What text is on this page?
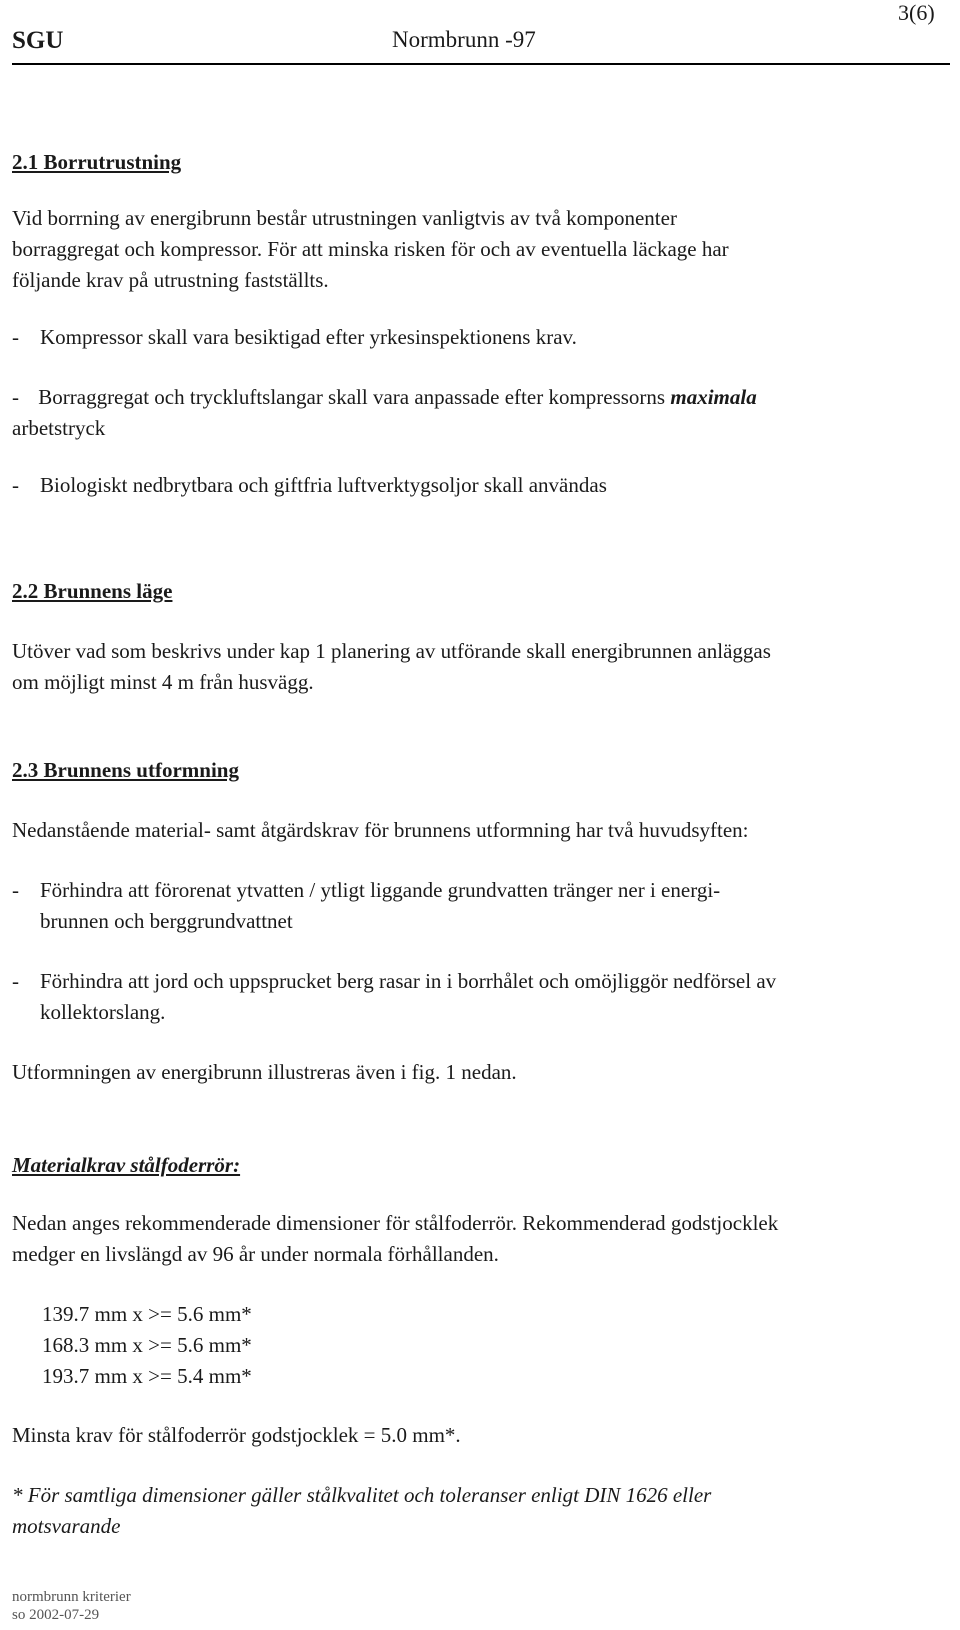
3(6)
SGU	Normbrunn -97
2.1 Borrutrustning
Vid borrning av energibrunn består utrustningen vanligtvis av två komponenter
borraggregat och kompressor. För att minska risken för och av eventuella läckage har
följande krav på utrustning fastställts.
- Kompressor skall vara besiktigad efter yrkesinspektionens krav.
- Borraggregat och tryckluftslangar skall vara anpassade efter kompressorns maximala
arbetstryck
- Biologiskt nedbrytbara och giftfria luftverktygsoljor skall användas
2.2 Brunnens läge
Utöver vad som beskrivs under kap 1 planering av utförande skall energibrunnen anläggas
om möjligt minst 4 m från husvägg.
2.3 Brunnens utformning
Nedanstående material- samt åtgärdskrav för brunnens utformning har två huvudsyften:
- Förhindra att förorenat ytvatten / ytligt liggande grundvatten tränger ner i energi-
brunnen och berggrundvattnet
- Förhindra att jord och uppsprucket berg rasar in i borrhålet och omöjliggör nedförsel av
kollektorslang.
Utformningen av energibrunn illustreras även i fig. 1 nedan.
Materialkrav stålfoderrör:
Nedan anges rekommenderade dimensioner för stålfoderrör. Rekommenderad godstjocklek
medger en livslängd av 96 år under normala förhållanden.
139.7 mm x >= 5.6 mm*
168.3 mm x >= 5.6 mm*
193.7 mm x >= 5.4 mm*
Minsta krav för stålfoderrör godstjocklek = 5.0 mm*.
* För samtliga dimensioner gäller stålkvalitet och toleranser enligt DIN 1626 eller
motsvarande
normbrunn kriterier
so 2002-07-29
